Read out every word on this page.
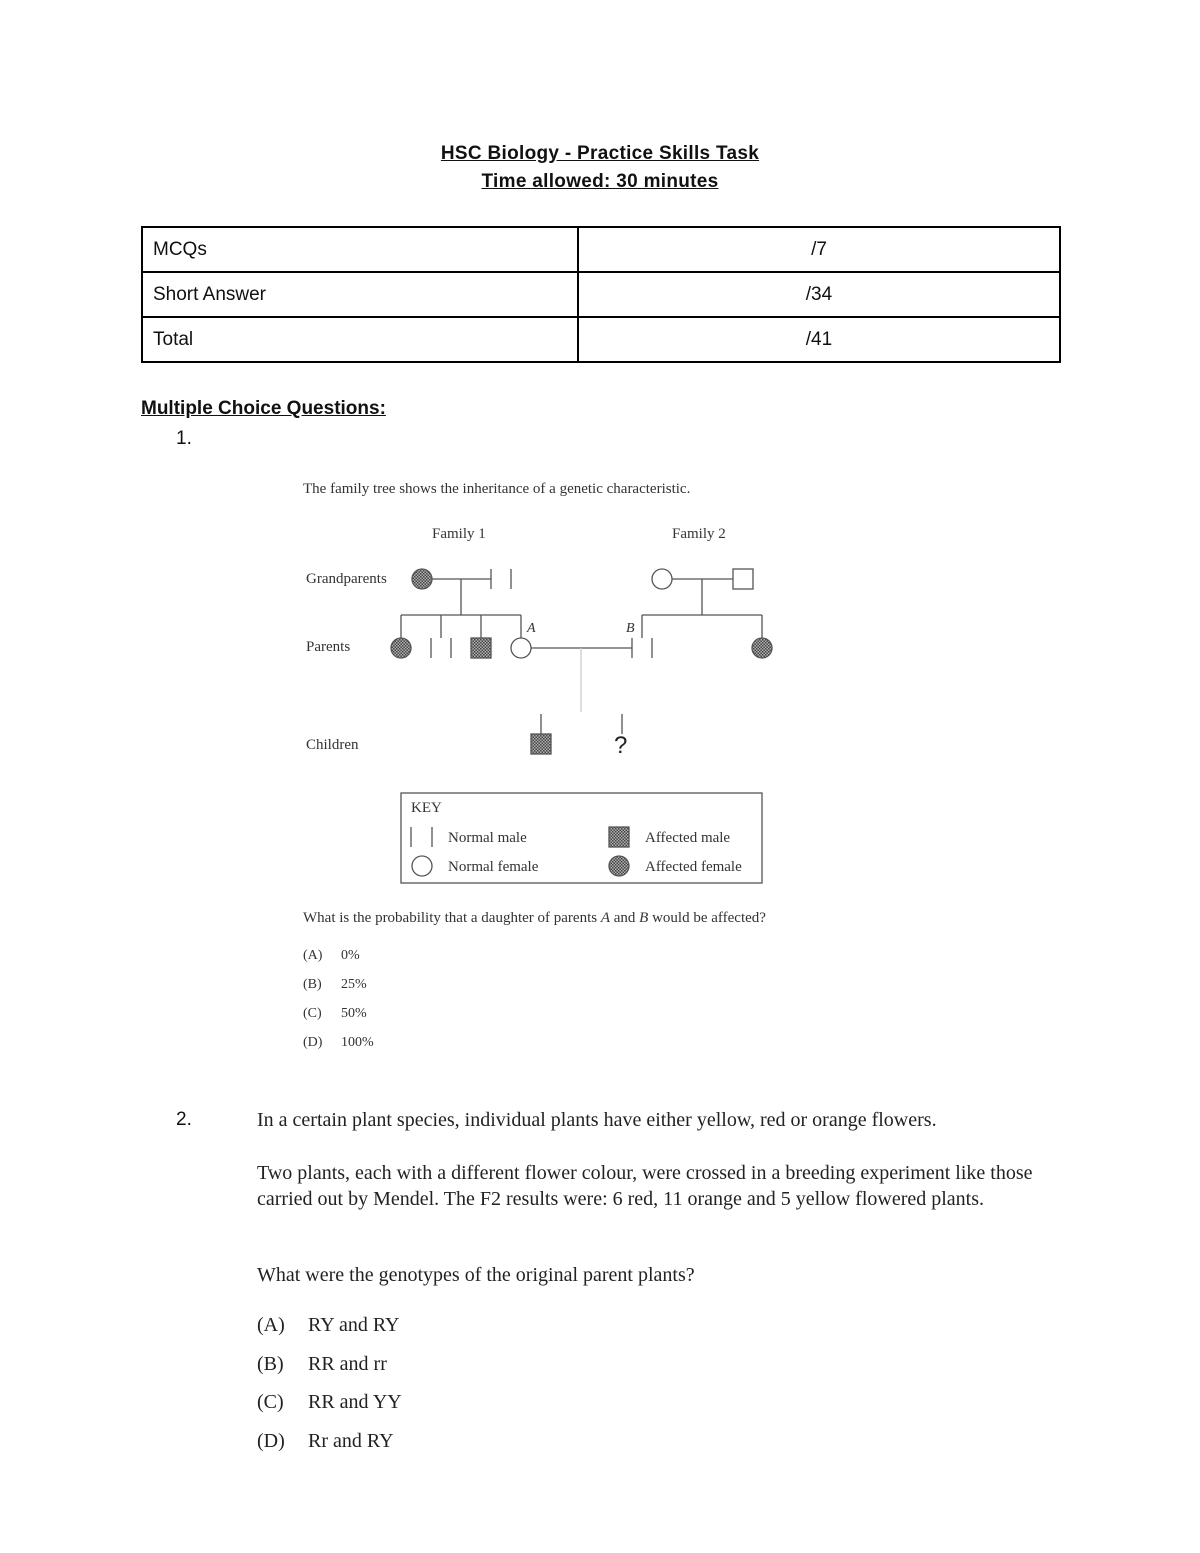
HSC Biology - Practice Skills Task
Time allowed: 30 minutes
MCQs	/7
Short Answer	/34
Total	/41
Multiple Choice Questions:
1.
The family tree shows the inheritance of a genetic characteristic.
Family 1	Family 2
Grandparents
Parents
Children
A	B
?
KEY
Normal male
Normal female
Affected male
Affected female
What is the probability that a daughter of parents A and B would be affected?
(A) 0%
(B) 25%
(C) 50%
(D) 100%
2.	In a certain plant species, individual plants have either yellow, red or orange flowers.
Two plants, each with a different flower colour, were crossed in a breeding experiment like those carried out by Mendel. The F2 results were: 6 red, 11 orange and 5 yellow flowered plants.
What were the genotypes of the original parent plants?
(A) RY and RY
(B) RR and rr
(C) RR and YY
(D) Rr and RY
